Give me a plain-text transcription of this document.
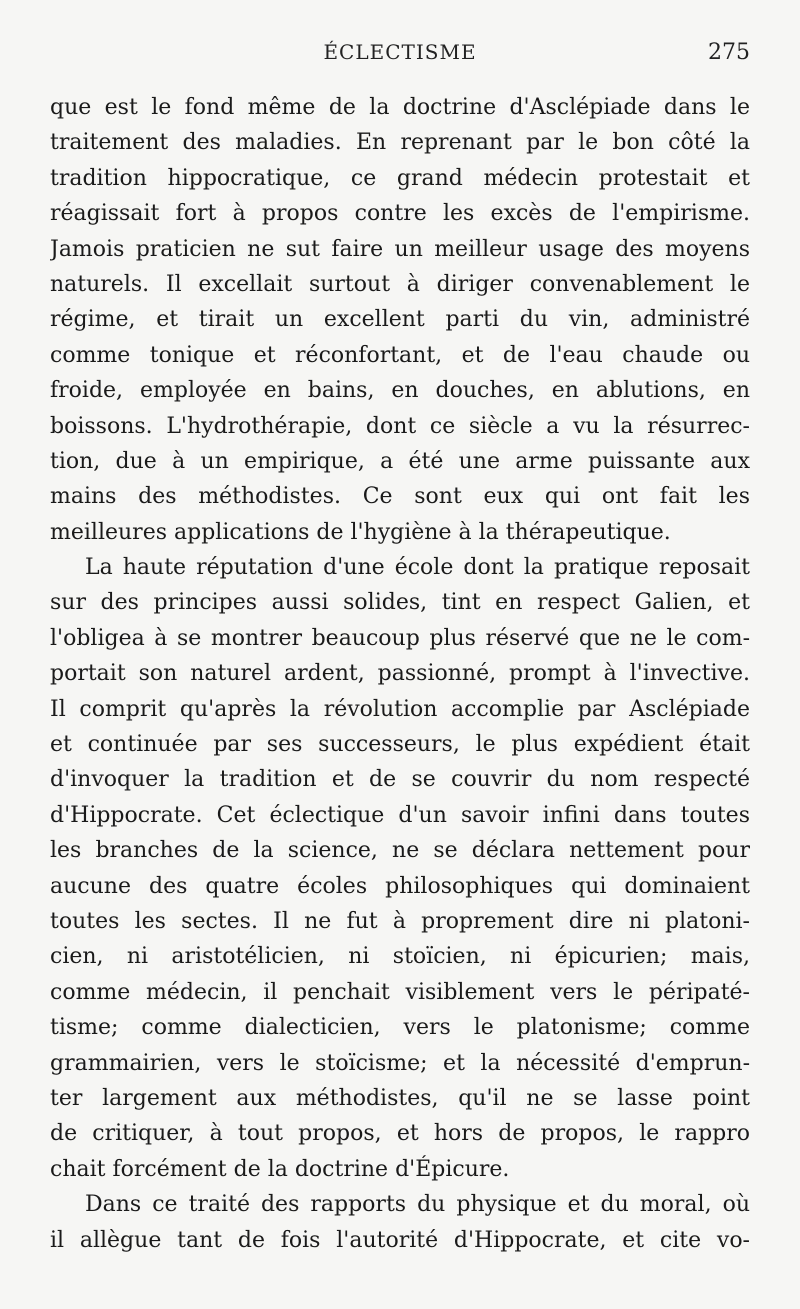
ÉCLECTISME	275
que est le fond même de la doctrine d'Asclépiade dans le
traitement des maladies. En reprenant par le bon côté la
tradition hippocratique, ce grand médecin protestait et
réagissait fort à propos contre les excès de l'empirisme.
Jamois praticien ne sut faire un meilleur usage des moyens
naturels. Il excellait surtout à diriger convenablement le
régime, et tirait un excellent parti du vin, administré
comme tonique et réconfortant, et de l'eau chaude ou
froide, employée en bains, en douches, en ablutions, en
boissons. L'hydrothérapie, dont ce siècle a vu la résurrec-
tion, due à un empirique, a été une arme puissante aux
mains des méthodistes. Ce sont eux qui ont fait les
meilleures applications de l'hygiène à la thérapeutique.
La haute réputation d'une école dont la pratique reposait
sur des principes aussi solides, tint en respect Galien, et
l'obligea à se montrer beaucoup plus réservé que ne le com-
portait son naturel ardent, passionné, prompt à l'invective.
Il comprit qu'après la révolution accomplie par Asclépiade
et continuée par ses successeurs, le plus expédient était
d'invoquer la tradition et de se couvrir du nom respecté
d'Hippocrate. Cet éclectique d'un savoir infini dans toutes
les branches de la science, ne se déclara nettement pour
aucune des quatre écoles philosophiques qui dominaient
toutes les sectes. Il ne fut à proprement dire ni platoni-
cien, ni aristotélicien, ni stoïcien, ni épicurien; mais,
comme médecin, il penchait visiblement vers le péripaté-
tisme; comme dialecticien, vers le platonisme; comme
grammairien, vers le stoïcisme; et la nécessité d'emprun-
ter largement aux méthodistes, qu'il ne se lasse point
de critiquer, à tout propos, et hors de propos, le rappro
chait forcément de la doctrine d'Épicure.
Dans ce traité des rapports du physique et du moral, où
il allègue tant de fois l'autorité d'Hippocrate, et cite vo-
